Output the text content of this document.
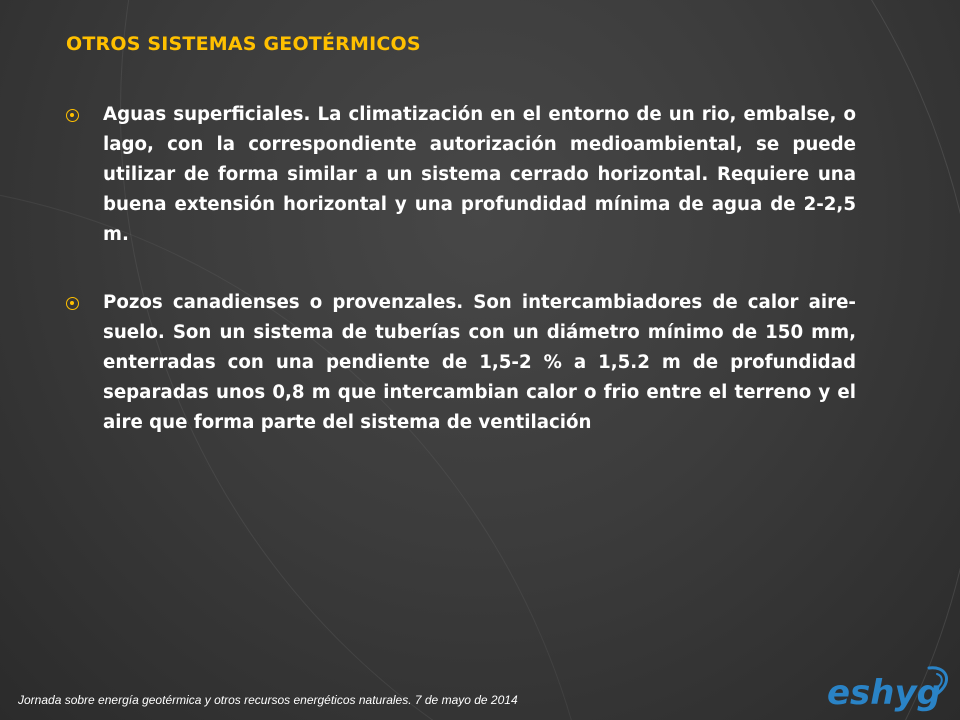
OTROS SISTEMAS GEOTÉRMICOS
Aguas superficiales. La climatización en el entorno de un rio, embalse, o lago, con la correspondiente autorización medioambiental, se puede utilizar de forma similar a un sistema cerrado horizontal. Requiere una buena extensión horizontal y una profundidad mínima de agua de 2-2,5 m.
Pozos canadienses o provenzales. Son intercambiadores de calor aire-suelo. Son un sistema de tuberías con un diámetro mínimo de 150 mm, enterradas con una pendiente de 1,5-2 % a 1,5.2 m de profundidad separadas unos 0,8 m que intercambian calor o frio entre el terreno y el aire que forma parte del sistema de ventilación
Jornada sobre energía geotérmica y otros recursos energéticos naturales. 7 de mayo de 2014	eshyg
